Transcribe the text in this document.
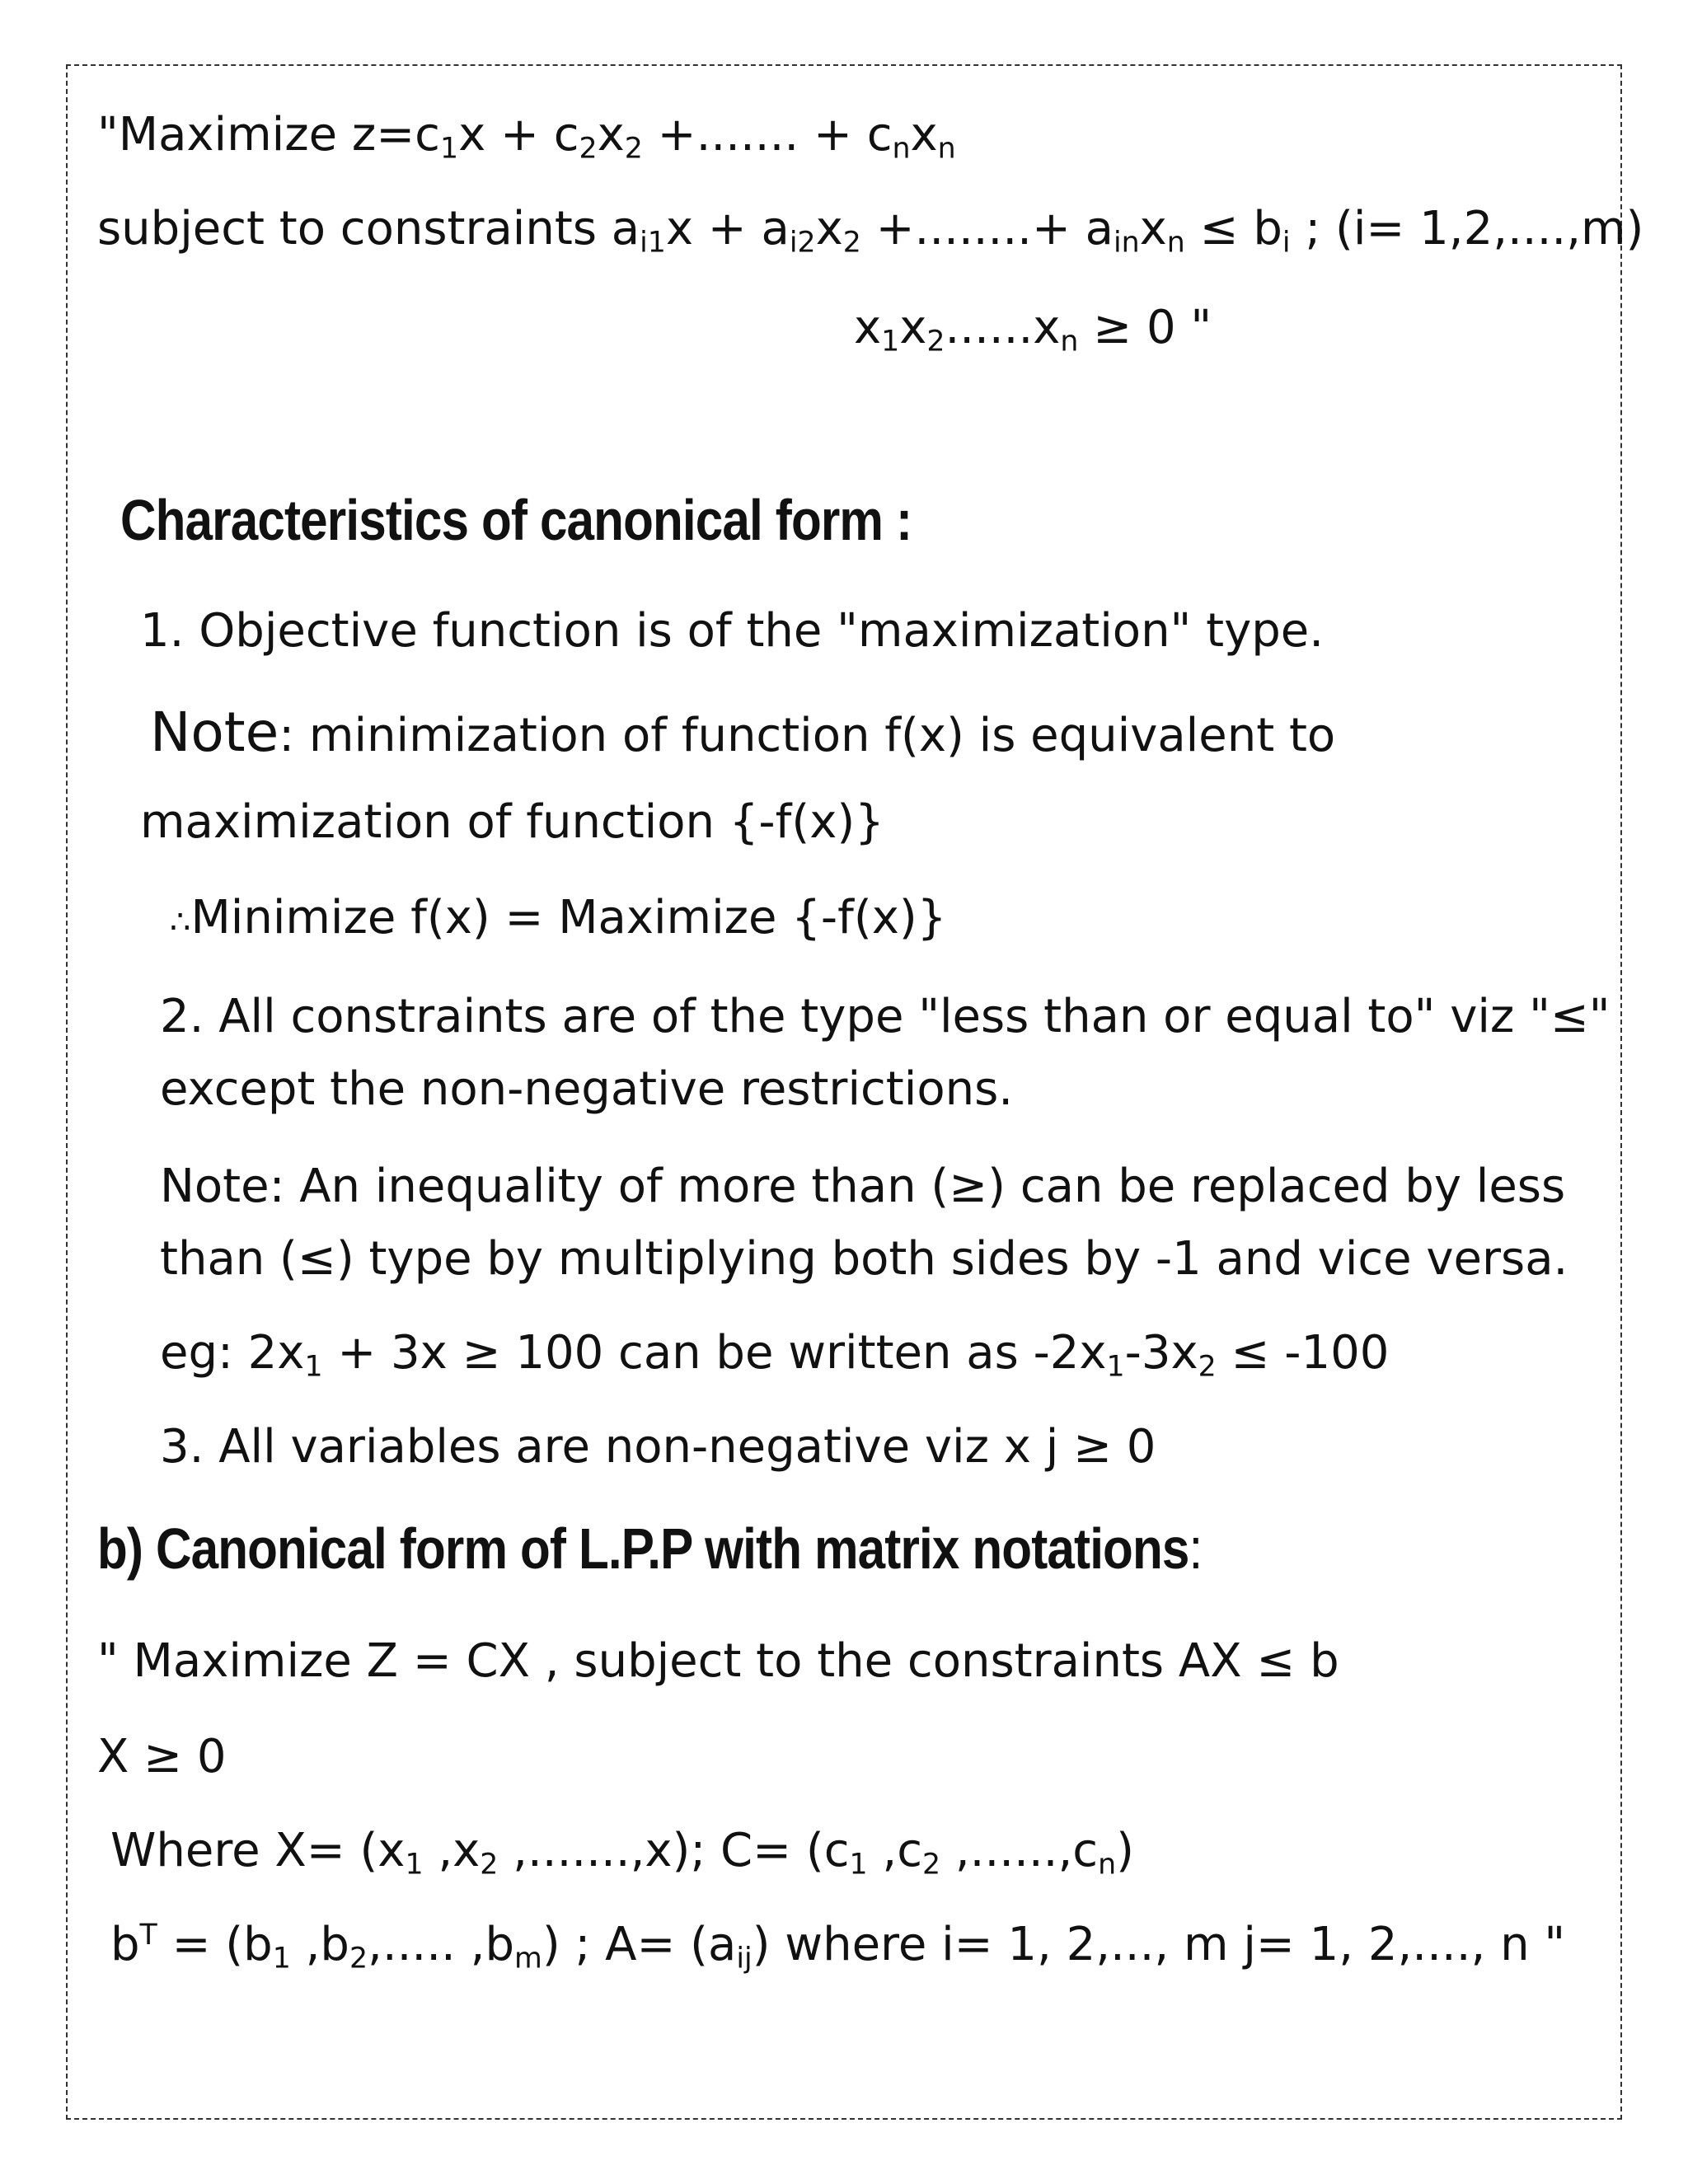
"Maximize $z=c_1x + c_2x_2$ +....... + $c_nx_n$
subject to constraints $a_{i1}x + a_{i2}x_2$ +........+ $a_{in}x_n \le b_i$ ; (i= 1,2,....,m)
$x_1x_2......x_n \ge 0$ "
Characteristics of canonical form :
1. Objective function is of the "maximization" type.
Note: minimization of function f(x) is equivalent to
maximization of function {-f(x)}
∴Minimize f(x) = Maximize {-f(x)}
2. All constraints are of the type "less than or equal to" viz "≤"
except the non-negative restrictions.
Note: An inequality of more than (≥) can be replaced by less
than (≤) type by multiplying both sides by -1 and vice versa.
eg: $2x_1 + 3x \ge 100$ can be written as $-2x_1-3x_2 \le -100$
3. All variables are non-negative viz x j ≥ 0
b) Canonical form of L.P.P with matrix notations:
" Maximize Z = CX , subject to the constraints AX ≤ b
X ≥ 0
Where $X= (x_1$ $,x_2$ ,.......,x); $C= (c_1$ $,c_2$ $,......,c_n$)
$b^T = (b_1$ $,b_2$,..... $,b_m$) ; $A= (a_{ij})$ where i= 1, 2,..., m j= 1, 2,...., n "
